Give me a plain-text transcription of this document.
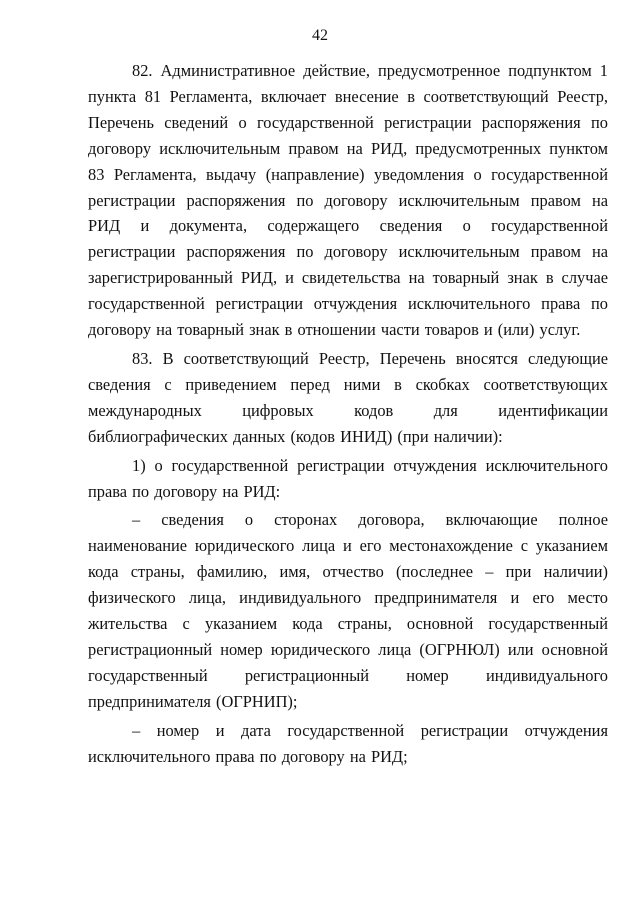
42

82. Административное действие, предусмотренное подпунктом 1 пункта 81 Регламента, включает внесение в соответствующий Реестр, Перечень сведений о государственной регистрации распоряжения по договору исключительным правом на РИД, предусмотренных пунктом 83 Регламента, выдачу (направление) уведомления о государственной регистрации распоряжения по договору исключительным правом на РИД и документа, содержащего сведения о государственной регистрации распоряжения по договору исключительным правом на зарегистрированный РИД, и свидетельства на товарный знак в случае государственной регистрации отчуждения исключительного права по договору на товарный знак в отношении части товаров и (или) услуг.

83. В соответствующий Реестр, Перечень вносятся следующие сведения с приведением перед ними в скобках соответствующих международных цифровых кодов для идентификации библиографических данных (кодов ИНИД) (при наличии):

1) о государственной регистрации отчуждения исключительного права по договору на РИД:

– сведения о сторонах договора, включающие полное наименование юридического лица и его местонахождение с указанием кода страны, фамилию, имя, отчество (последнее – при наличии) физического лица, индивидуального предпринимателя и его место жительства с указанием кода страны, основной государственный регистрационный номер юридического лица (ОГРНЮЛ) или основной государственный регистрационный номер индивидуального предпринимателя (ОГРНИП);

– номер и дата государственной регистрации отчуждения исключительного права по договору на РИД;
